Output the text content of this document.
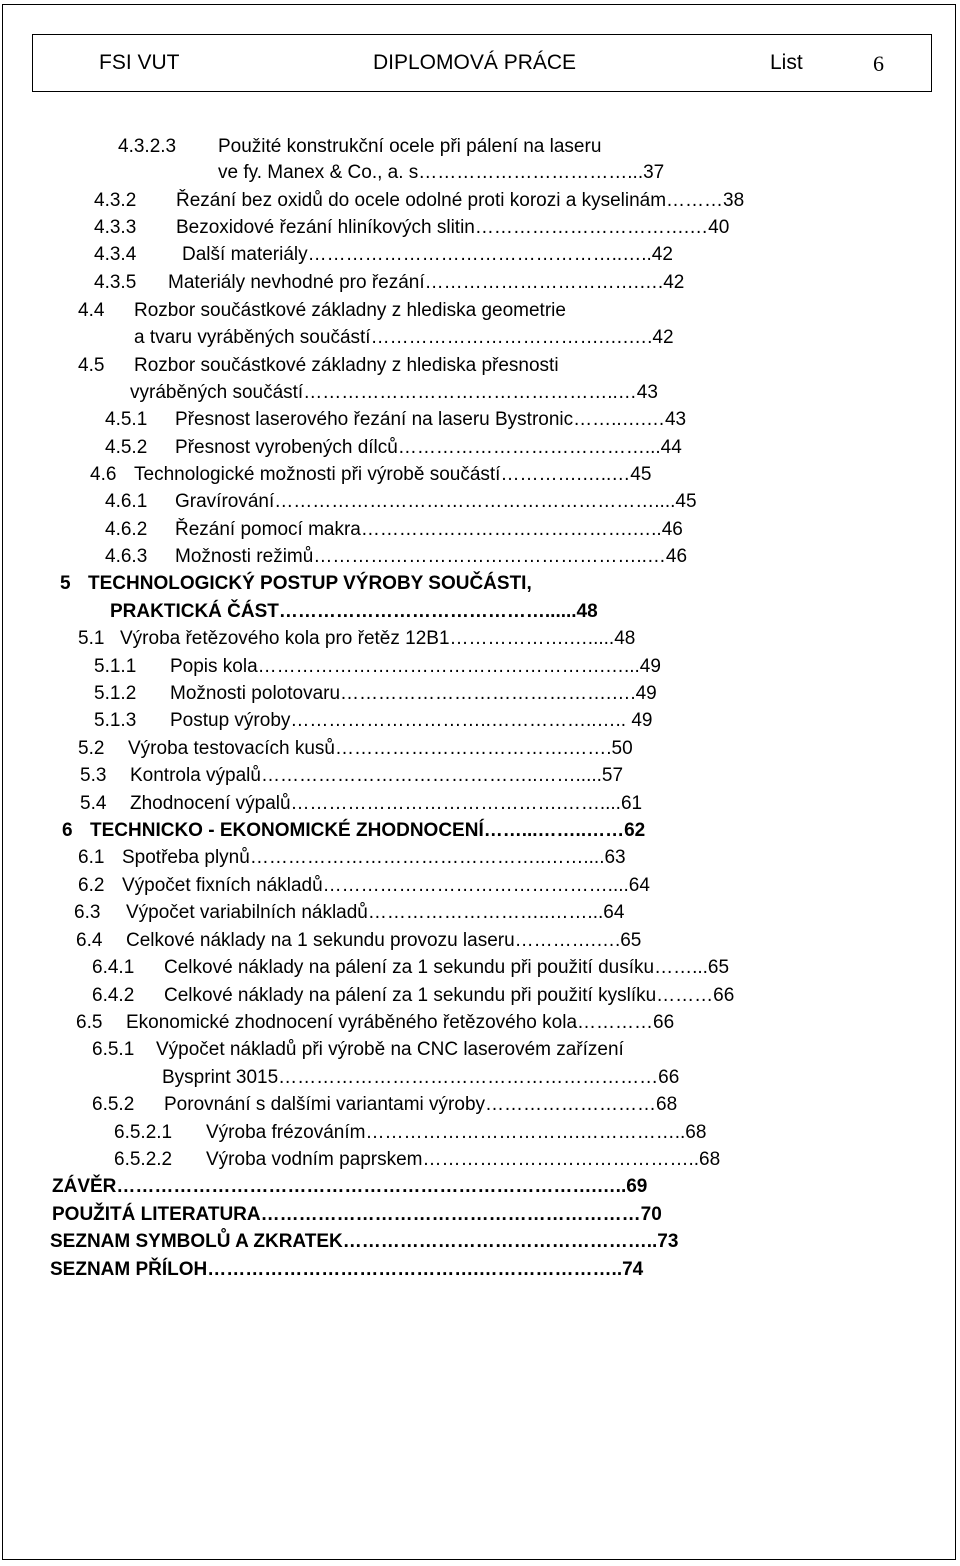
FSI VUT	DIPLOMOVÁ PRÁCE	List	6
4.3.2.3 Použité konstrukční ocele při pálení na laseru
ve fy. Manex & Co., a. s……………………………...37
4.3.2 Řezání bez oxidů do ocele odolné proti korozi a kyselinám………38
4.3.3 Bezoxidové řezání hliníkových slitin…………………………….…40
4.3.4 Další materiály…………………………………………..…..42
4.3.5 Materiály nevhodné pro řezání…………………………….….42
4.4 Rozbor součástkové základny z hlediska geometrie
a tvaru vyráběných součástí……………………………….….….42
4.5 Rozbor součástkové základny z hlediska přesnosti
vyráběných součástí…………………………………………..…43
4.5.1 Přesnost laserového řezání na laseru Bystronic……..….…43
4.5.2 Přesnost vyrobených dílců…………………………………...44
4.6 Technologické možnosti při výrobě součástí………….…..…45
4.6.1 Gravírování……………………………………………………....45
4.6.2 Řezání pomocí makra…………………………………….…..46
4.6.3 Možnosti režimů……………………………………………..…46
5 TECHNOLOGICKÝ POSTUP VÝROBY SOUČÁSTI,
PRAKTICKÁ ČÁST……………………………………......48
5.1 Výroba řetězového kola pro řetěz 12B1……………….….....48
5.1.1 Popis kola……………………………………………….…...49
5.1.2 Možnosti polotovaru…………………………………….….49
5.1.3 Postup výroby…………………………..……………..….. 49
5.2 Výroba testovacích kusů……………………………….…….50
5.3 Kontrola výpalů……………………………………..…….....57
5.4 Zhodnocení výpalů…………………………………….……....61
6 TECHNICKO - EKONOMICKÉ ZHODNOCENÍ……...……..……62
6.1 Spotřeba plynů………………………………………..……....63
6.2 Výpočet fixních nákladů………………………………………....64
6.3 Výpočet variabilních nákladů………………………..……...64
6.4 Celkové náklady na 1 sekundu provozu laseru………….….65
6.4.1 Celkové náklady na pálení za 1 sekundu při použití dusíku……...65
6.4.2 Celkové náklady na pálení za 1 sekundu při použití kyslíku………66
6.5 Ekonomické zhodnocení vyráběného řetězového kola…………66
6.5.1 Výpočet nákladů při výrobě na CNC laserovém zařízení
Bysprint 3015……………………………………………………66
6.5.2 Porovnání s dalšími variantami výroby………………………68
6.5.2.1 Výroba frézováním…………………………….……………..68
6.5.2.2 Výroba vodním paprskem……………………………………..68
ZÁVĚR………………………………………………………………….…..69
POUŽITÁ LITERATURA……………………………………………………70
SEZNAM SYMBOLŮ A ZKRATEK…………………………………………..73
SEZNAM PŘÍLOH…………………………………….…………………..74
